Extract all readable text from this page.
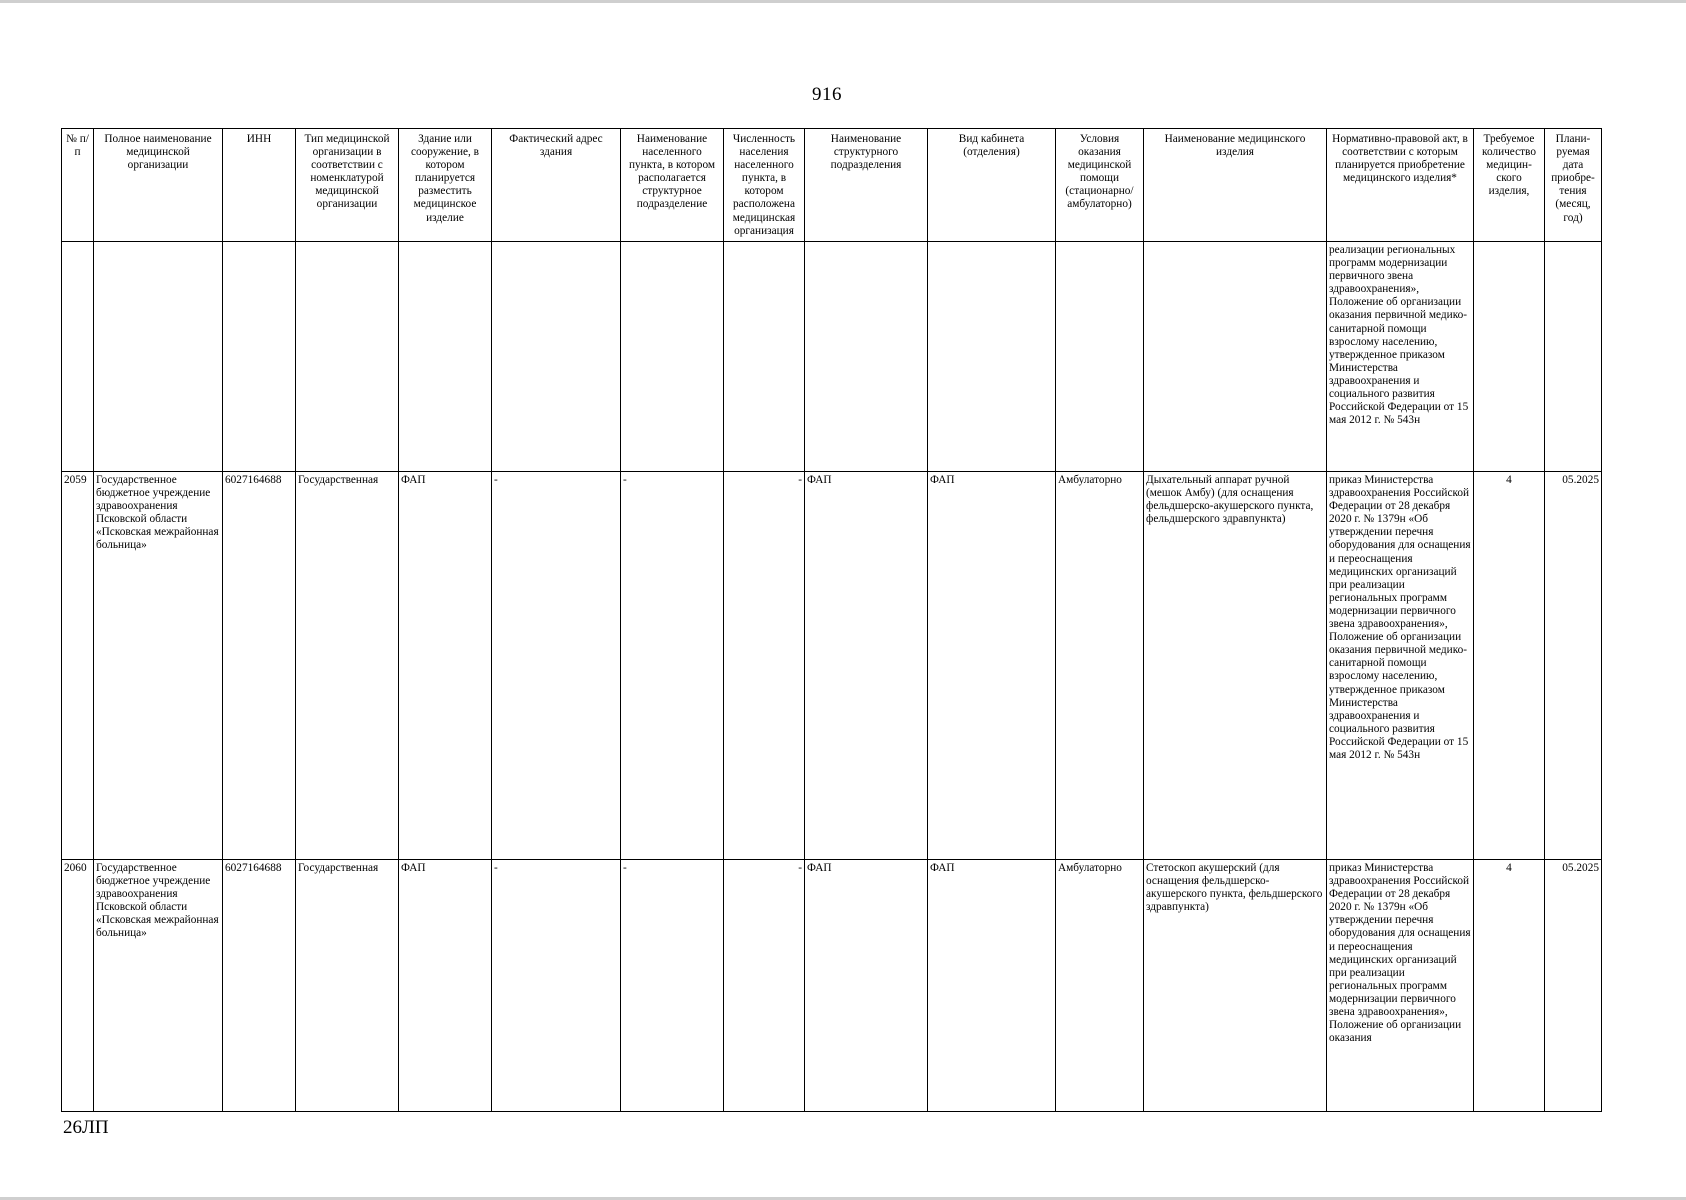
916
№ п/п	Полное наименование медицинской организации	ИНН	Тип медицинской организации в соответствии с номенклатурой медицинской организации	Здание или сооружение, в котором планируется разместить медицинское изделие	Фактический адрес здания	Наименование населенного пункта, в котором располагается структурное подразделение	Численность населения населенного пункта, в котором расположена медицинская организация	Наименование структурного подразделения	Вид кабинета (отделения)	Условия оказания медицинской помощи (стационарно/ амбулаторно)	Наименование медицинского изделия	Нормативно-правовой акт, в соответствии с которым планируется приобретение медицинского изделия*	Требуемое количество медицин-ского изделия,	Плани-руемая дата приобре-тения (месяц, год)
												реализации региональных программ модернизации первичного звена здравоохранения», Положение об организации оказания первичной медико-санитарной помощи взрослому населению, утвержденное приказом Министерства здравоохранения и социального развития Российской Федерации от 15 мая 2012 г. № 543н		
2059	Государственное бюджетное учреждение здравоохранения Псковской области «Псковская межрайонная больница»	6027164688	Государственная	ФАП	-	-	-	ФАП	ФАП	Амбулаторно	Дыхательный аппарат ручной (мешок Амбу) (для оснащения фельдшерско-акушерского пункта, фельдшерского здравпункта)	приказ Министерства здравоохранения Российской Федерации от 28 декабря 2020 г. № 1379н «Об утверждении перечня оборудования для оснащения и переоснащения медицинских организаций при реализации региональных программ модернизации первичного звена здравоохранения», Положение об организации оказания первичной медико-санитарной помощи взрослому населению, утвержденное приказом Министерства здравоохранения и социального развития Российской Федерации от 15 мая 2012 г. № 543н	4	05.2025
2060	Государственное бюджетное учреждение здравоохранения Псковской области «Псковская межрайонная больница»	6027164688	Государственная	ФАП	-	-	-	ФАП	ФАП	Амбулаторно	Стетоскоп акушерский (для оснащения фельдшерско-акушерского пункта, фельдшерского здравпункта)	приказ Министерства здравоохранения Российской Федерации от 28 декабря 2020 г. № 1379н «Об утверждении перечня оборудования для оснащения и переоснащения медицинских организаций при реализации региональных программ модернизации первичного звена здравоохранения», Положение об организации оказания	4	05.2025
26ЛП
